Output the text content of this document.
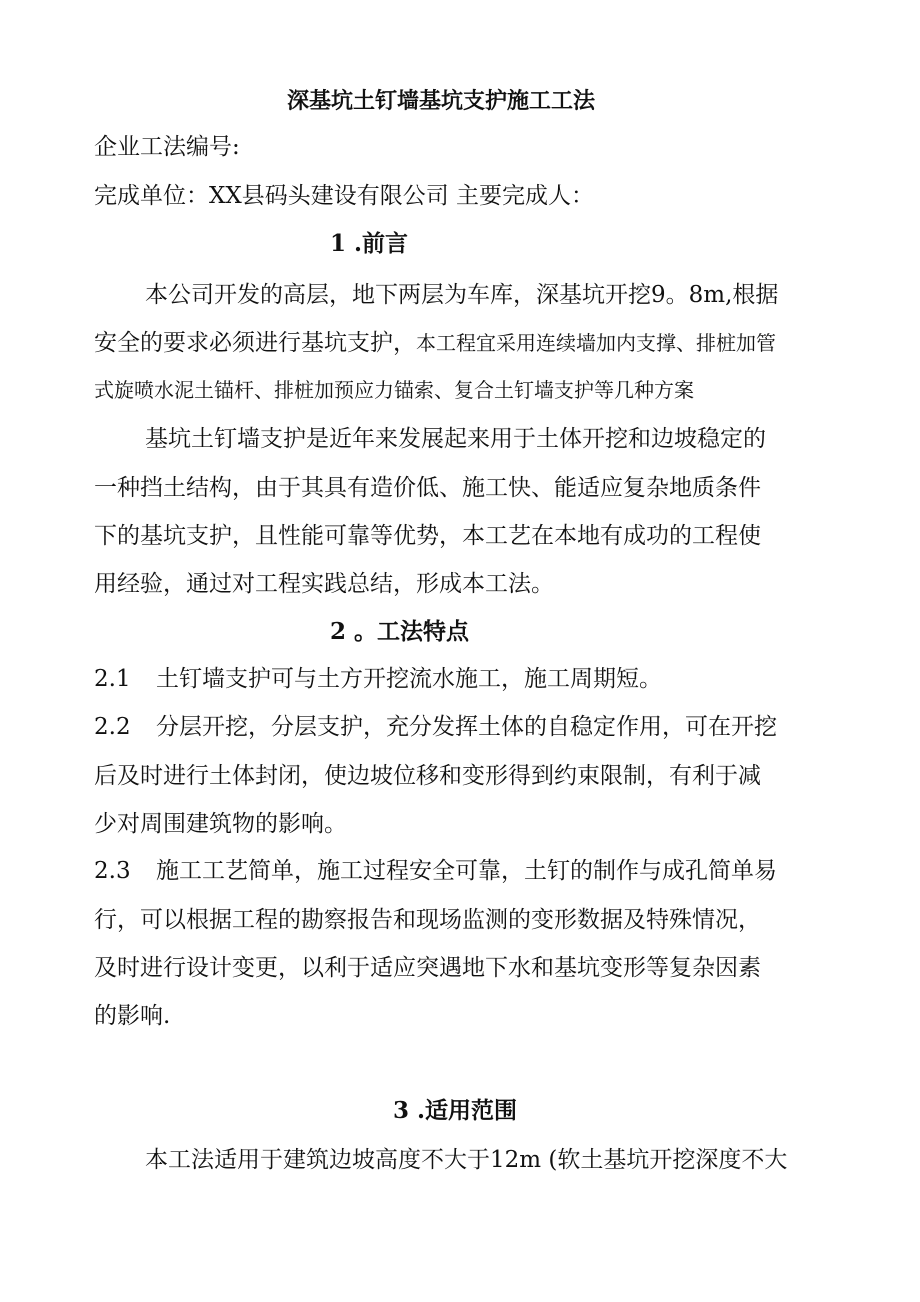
深基坑土钉墙基坑支护施工工法
企业工法编号:
完成单位：XX县码头建设有限公司 主要完成人：
1 .前言
本公司开发的高层，地下两层为车库，深基坑开挖9。8m,根据
安全的要求必须进行基坑支护，本工程宜采用连续墙加内支撑、排桩加管
式旋喷水泥土锚杆、排桩加预应力锚索、复合土钉墙支护等几种方案
基坑土钉墙支护是近年来发展起来用于土体开挖和边坡稳定的
一种挡土结构，由于其具有造价低、施工快、能适应复杂地质条件
下的基坑支护，且性能可靠等优势，本工艺在本地有成功的工程使
用经验，通过对工程实践总结，形成本工法。
2 。工法特点
2.1 土钉墙支护可与土方开挖流水施工，施工周期短。
2.2 分层开挖，分层支护，充分发挥土体的自稳定作用，可在开挖
后及时进行土体封闭，使边坡位移和变形得到约束限制，有利于减
少对周围建筑物的影响。
2.3 施工工艺简单，施工过程安全可靠，土钉的制作与成孔简单易
行，可以根据工程的勘察报告和现场监测的变形数据及特殊情况，
及时进行设计变更，以利于适应突遇地下水和基坑变形等复杂因素
的影响.
3 .适用范围
本工法适用于建筑边坡高度不大于12m (软土基坑开挖深度不大
